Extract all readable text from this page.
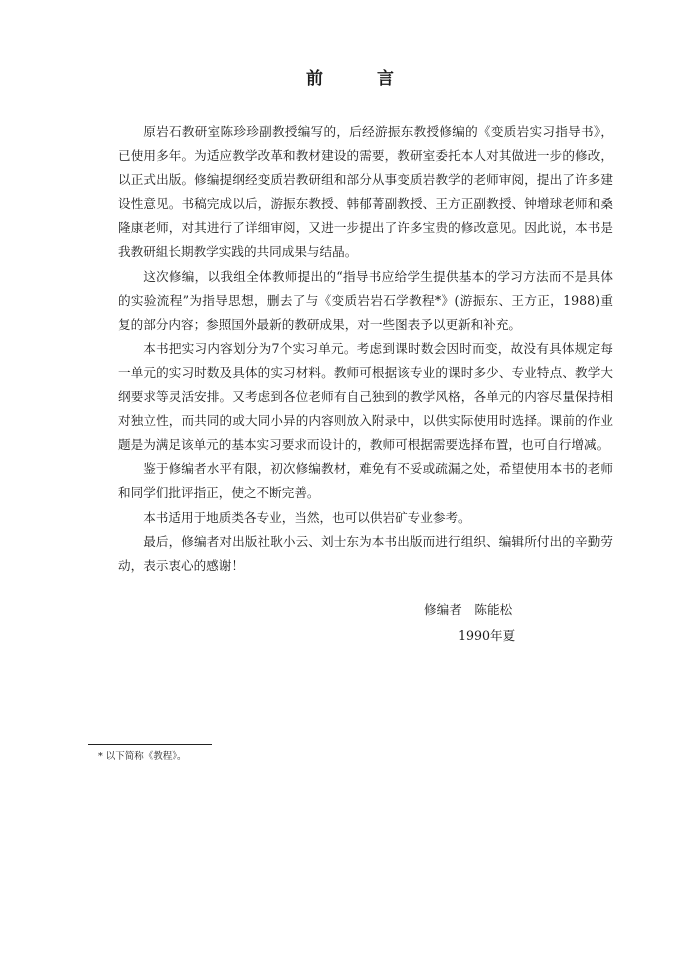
前 言

原岩石教研室陈珍珍副教授编写的，后经游振东教授修编的《变质岩实习指导书》，已使用多年。为适应教学改革和教材建设的需要，教研室委托本人对其做进一步的修改，以正式出版。修编提纲经变质岩教研组和部分从事变质岩教学的老师审阅，提出了许多建设性意见。书稿完成以后，游振东教授、韩郁菁副教授、王方正副教授、钟增球老师和桑隆康老师，对其进行了详细审阅，又进一步提出了许多宝贵的修改意见。因此说，本书是我教研組长期教学实践的共同成果与结晶。

这次修编，以我组全体教师提出的“指导书应给学生提供基本的学习方法而不是具体的实验流程”为指导思想，删去了与《变质岩岩石学教程*》(游振东、王方正，1988)重复的部分内容；参照国外最新的教研成果，对一些图表予以更新和补充。

本书把实习内容划分为7个实习单元。考虑到课时数会因时而变，故没有具体规定每一单元的实习时数及具体的实习材料。教师可根据该专业的课时多少、专业特点、教学大纲要求等灵活安排。又考虑到各位老师有自己独到的教学风格，各单元的内容尽量保持相对独立性，而共同的或大同小异的内容则放入附录中，以供实际使用时选择。课前的作业题是为满足该单元的基本实习要求而设计的，教师可根据需要选择布置，也可自行增减。

鉴于修编者水平有限，初次修编教材，难免有不妥或疏漏之处，希望使用本书的老师和同学们批评指正，使之不断完善。

本书适用于地质类各专业，当然，也可以供岩矿专业参考。

最后，修编者对出版社耿小云、刘士东为本书出版而进行组织、编辑所付出的辛勤劳动，表示衷心的感谢！

修编者　陈能松
1990年夏
* 以下简称《教程》。
